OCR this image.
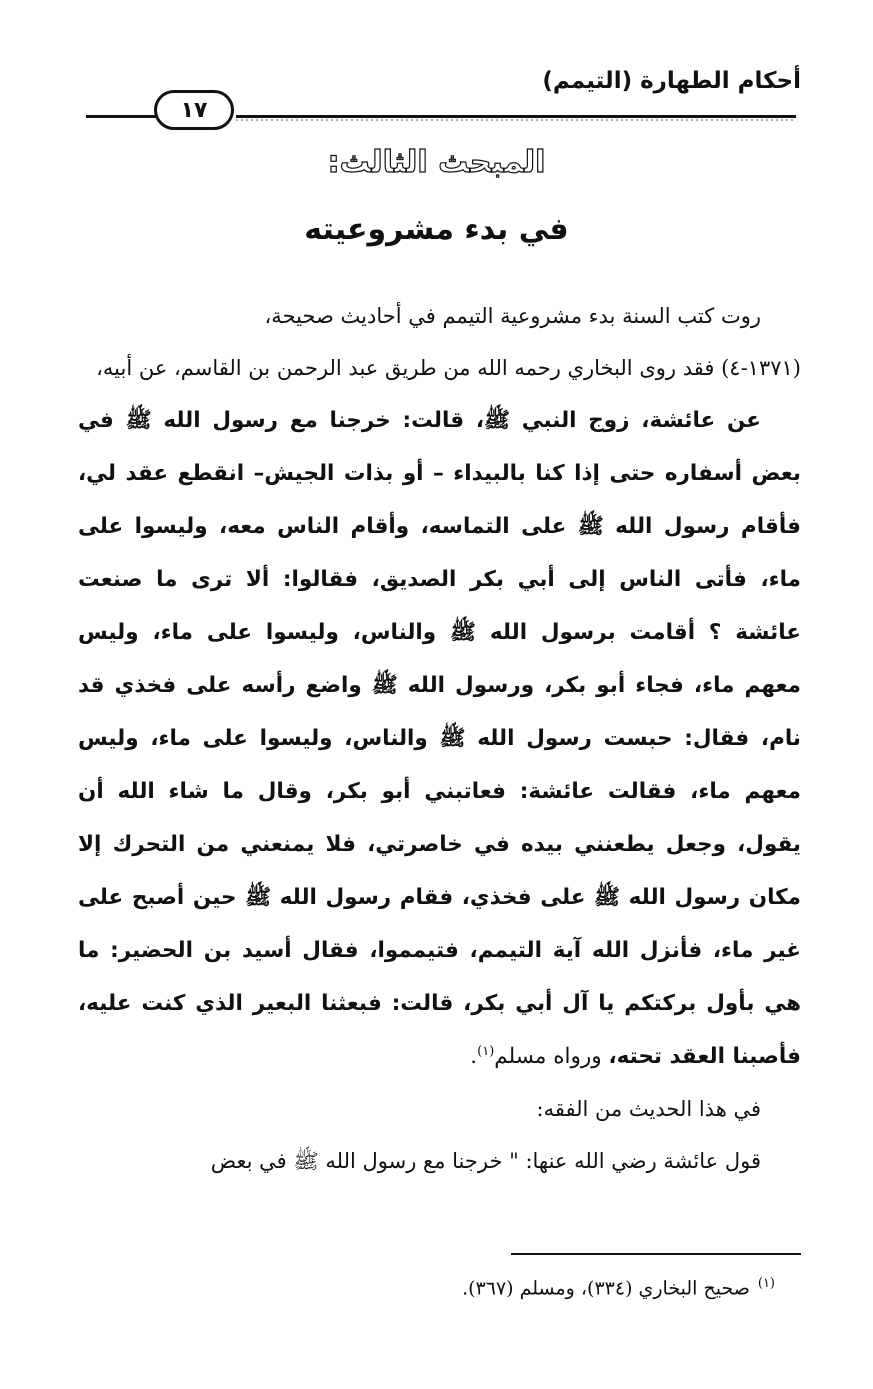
أحكام الطهارة (التيمم)
١٧
المبحث الثالث:
في بدء مشروعيته

روت كتب السنة بدء مشروعية التيمم في أحاديث صحيحة،

(١٣٧١-٤) فقد روى البخاري رحمه الله من طريق عبد الرحمن بن القاسم، عن أبيه،

عن عائشة، زوج النبي ﷺ، قالت: خرجنا مع رسول الله ﷺ في بعض أسفاره حتى إذا كنا بالبيداء – أو بذات الجيش– انقطع عقد لي، فأقام رسول الله ﷺ على التماسه، وأقام الناس معه، وليسوا على ماء، فأتى الناس إلى أبي بكر الصديق، فقالوا: ألا ترى ما صنعت عائشة ؟ أقامت برسول الله ﷺ والناس، وليسوا على ماء، وليس معهم ماء، فجاء أبو بكر، ورسول الله ﷺ واضع رأسه على فخذي قد نام، فقال: حبست رسول الله ﷺ والناس، وليسوا على ماء، وليس معهم ماء، فقالت عائشة: فعاتبني أبو بكر، وقال ما شاء الله أن يقول، وجعل يطعنني بيده في خاصرتي، فلا يمنعني من التحرك إلا مكان رسول الله ﷺ على فخذي، فقام رسول الله ﷺ حين أصبح على غير ماء، فأنزل الله آية التيمم، فتيمموا، فقال أسيد بن الحضير: ما هي بأول بركتكم يا آل أبي بكر، قالت: فبعثنا البعير الذي كنت عليه، فأصبنا العقد تحته، ورواه مسلم$^{(١)}$.

في هذا الحديث من الفقه:

قول عائشة رضي الله عنها: " خرجنا مع رسول الله ﷺ في بعض

$^{(١)}$صحيح البخاري (٣٣٤)، ومسلم (٣٦٧).
